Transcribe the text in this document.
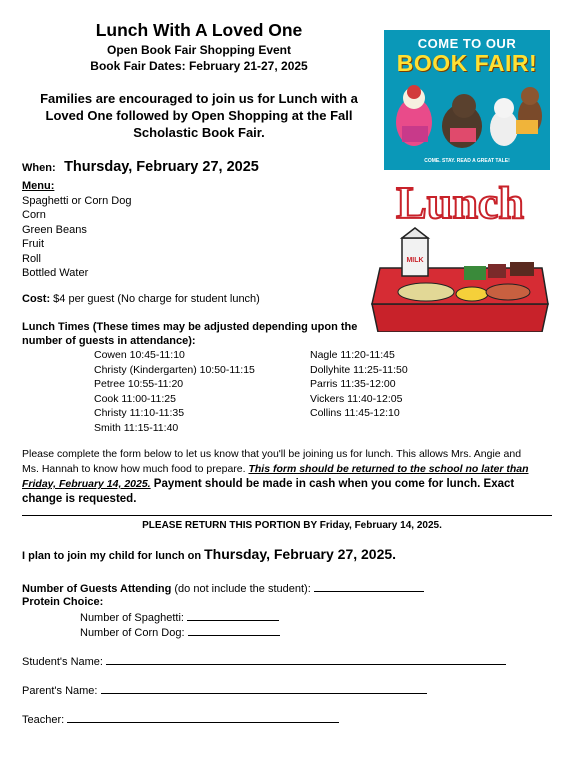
Lunch With A Loved One
Open Book Fair Shopping Event
Book Fair Dates: February 21-27, 2025
Families are encouraged to join us for Lunch with a
Loved One followed by Open Shopping at the Fall
Scholastic Book Fair.
COME TO OUR
BOOK FAIR!
COME. STAY. READ A GREAT TALE!
Lunch
MILK
When: Thursday, February 27, 2025
Menu:
Spaghetti or Corn Dog
Corn
Green Beans
Fruit
Roll
Bottled Water
Cost: $4 per guest (No charge for student lunch)
Lunch Times (These times may be adjusted depending upon the
number of guests in attendance):
Cowen 10:45-11:10
Christy (Kindergarten) 10:50-11:15
Petree 10:55-11:20
Cook 11:00-11:25
Christy 11:10-11:35
Smith 11:15-11:40
Nagle 11:20-11:45
Dollyhite 11:25-11:50
Parris 11:35-12:00
Vickers 11:40-12:05
Collins 11:45-12:10
Please complete the form below to let us know that you'll be joining us for lunch. This allows Mrs. Angie and
Ms. Hannah to know how much food to prepare. This form should be returned to the school no later than
Friday, February 14, 2025. Payment should be made in cash when you come for lunch. Exact
change is requested.
PLEASE RETURN THIS PORTION BY Friday, February 14, 2025.
I plan to join my child for lunch on Thursday, February 27, 2025.
Number of Guests Attending (do not include the student):
Protein Choice:
Number of Spaghetti:
Number of Corn Dog:
Student's Name:
Parent's Name:
Teacher:
